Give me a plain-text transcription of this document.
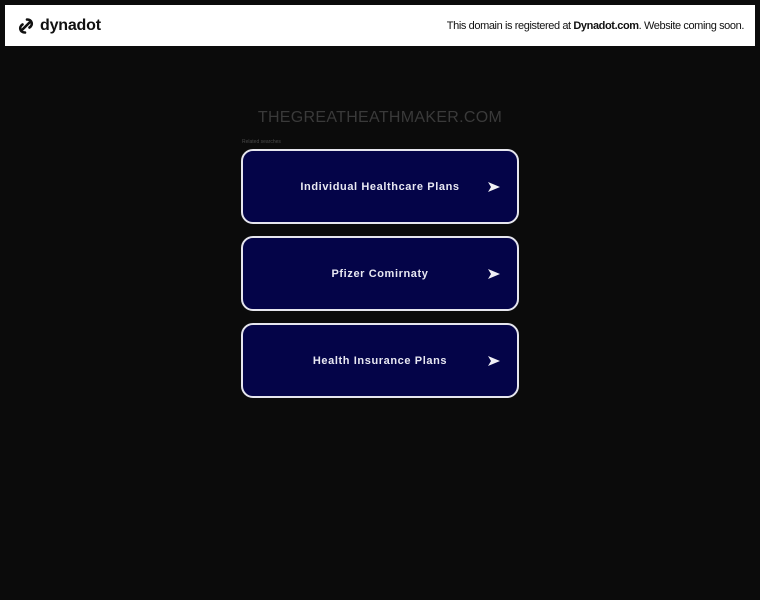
dynadot	This domain is registered at Dynadot.com. Website coming soon.
THEGREATHEATHMAKER.COM
Related searches
Individual Healthcare Plans
Pfizer Comirnaty
Health Insurance Plans
